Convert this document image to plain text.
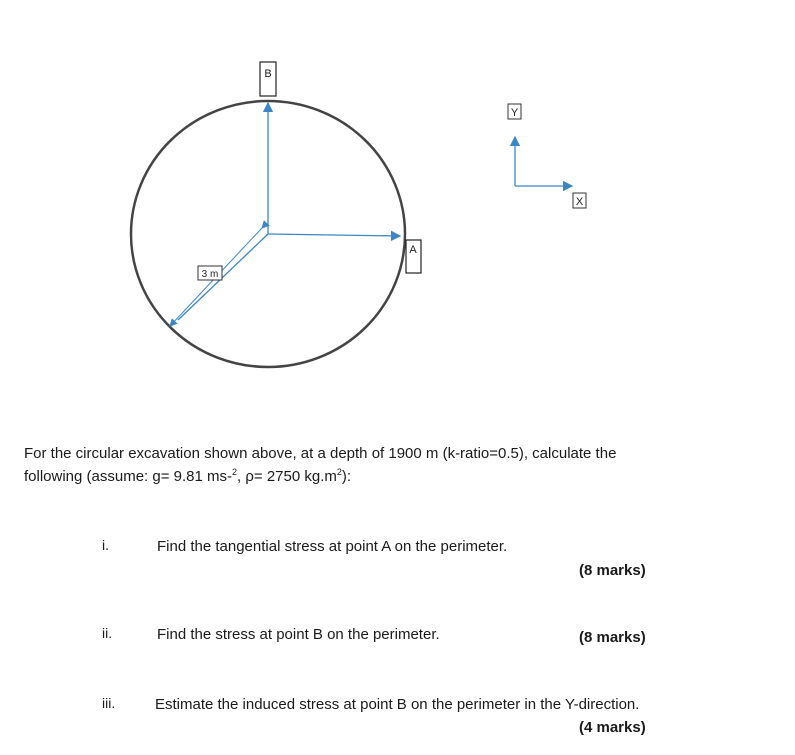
3 m
B
A
Y
X
For the circular excavation shown above, at a depth of 1900 m (k-ratio=0.5), calculate the
following (assume: g= 9.81 ms-$^2$, ρ= 2750 $kg.m^2$):
i.	Find the tangential stress at point A on the perimeter.
(8 marks)
ii.	Find the stress at point B on the perimeter.	(8 marks)
iii.	Estimate the induced stress at point B on the perimeter in the Y-direction.
(4 marks)
